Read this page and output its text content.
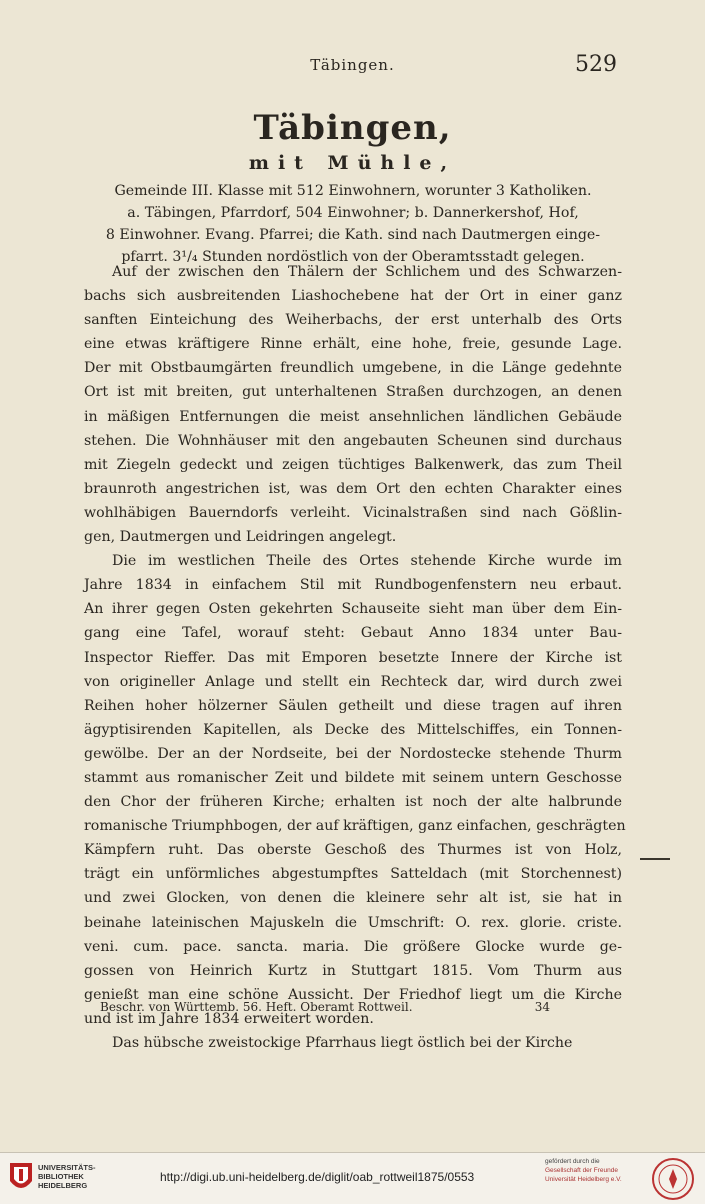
Täbingen.	529
Täbingen,
mit Mühle,
Gemeinde III. Klasse mit 512 Einwohnern, worunter 3 Katholiken.
a. Täbingen, Pfarrdorf, 504 Einwohner; b. Dannerkershof, Hof,
8 Einwohner. Evang. Pfarrei; die Kath. sind nach Dautmergen einge-
pfarrt. 3¹/₄ Stunden nordöstlich von der Oberamtsstadt gelegen.
Auf der zwischen den Thälern der Schlichem und des Schwarzen-
bachs sich ausbreitenden Liashochebene hat der Ort in einer ganz
sanften Einteichung des Weiherbachs, der erst unterhalb des Orts
eine etwas kräftigere Rinne erhält, eine hohe, freie, gesunde Lage.
Der mit Obstbaumgärten freundlich umgebene, in die Länge gedehnte
Ort ist mit breiten, gut unterhaltenen Straßen durchzogen, an denen
in mäßigen Entfernungen die meist ansehnlichen ländlichen Gebäude
stehen. Die Wohnhäuser mit den angebauten Scheunen sind durchaus
mit Ziegeln gedeckt und zeigen tüchtiges Balkenwerk, das zum Theil
braunroth angestrichen ist, was dem Ort den echten Charakter eines
wohlhäbigen Bauerndorfs verleiht. Vicinalstraßen sind nach Gößlin-
gen, Dautmergen und Leidringen angelegt.
Die im westlichen Theile des Ortes stehende Kirche wurde im
Jahre 1834 in einfachem Stil mit Rundbogenfenstern neu erbaut.
An ihrer gegen Osten gekehrten Schauseite sieht man über dem Ein-
gang eine Tafel, worauf steht: Gebaut Anno 1834 unter Bau-
Inspector Rieffer. Das mit Emporen besetzte Innere der Kirche ist
von origineller Anlage und stellt ein Rechteck dar, wird durch zwei
Reihen hoher hölzerner Säulen getheilt und diese tragen auf ihren
ägyptisirenden Kapitellen, als Decke des Mittelschiffes, ein Tonnen-
gewölbe. Der an der Nordseite, bei der Nordostecke stehende Thurm
stammt aus romanischer Zeit und bildete mit seinem untern Geschosse
den Chor der früheren Kirche; erhalten ist noch der alte halbrunde
romanische Triumphbogen, der auf kräftigen, ganz einfachen, geschrägten
Kämpfern ruht. Das oberste Geschoß des Thurmes ist von Holz,
trägt ein unförmliches abgestumpftes Satteldach (mit Storchennest)
und zwei Glocken, von denen die kleinere sehr alt ist, sie hat in
beinahe lateinischen Majuskeln die Umschrift: O. rex. glorie. criste.
veni. cum. pace. sancta. maria. Die größere Glocke wurde ge-
gossen von Heinrich Kurtz in Stuttgart 1815. Vom Thurm aus
genießt man eine schöne Aussicht. Der Friedhof liegt um die Kirche
und ist im Jahre 1834 erweitert worden.
Das hübsche zweistockige Pfarrhaus liegt östlich bei der Kirche
Beschr. von Württemb. 56. Heft. Oberamt Rottweil.	34
UNIVERSITÄTS-
BIBLIOTHEK
HEIDELBERG
http://digi.ub.uni-heidelberg.de/diglit/oab_rottweil1875/0553
gefördert durch die
Gesellschaft der Freunde
Universität Heidelberg e.V.
